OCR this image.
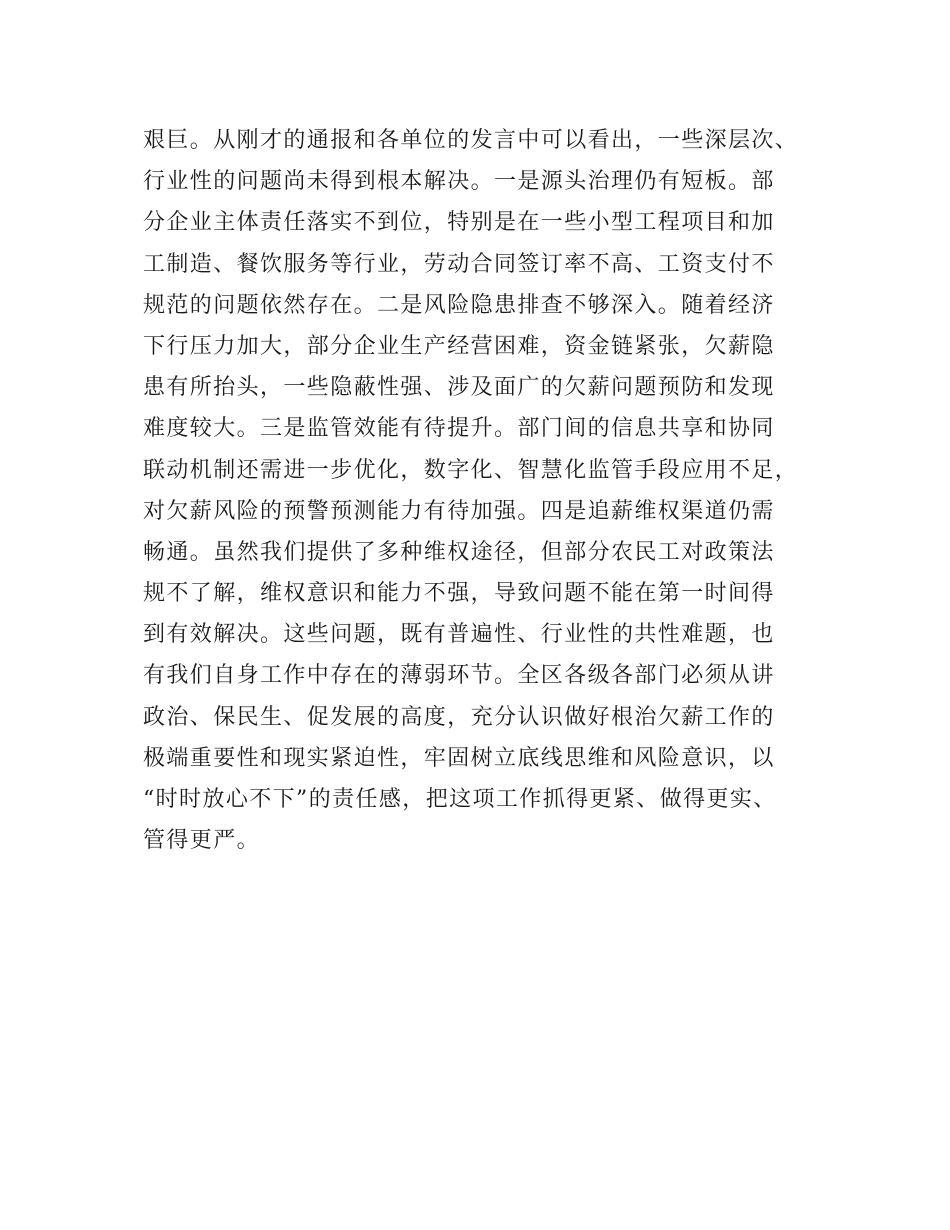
艰巨。从刚才的通报和各单位的发言中可以看出，一些深层次、
行业性的问题尚未得到根本解决。一是源头治理仍有短板。部
分企业主体责任落实不到位，特别是在一些小型工程项目和加
工制造、餐饮服务等行业，劳动合同签订率不高、工资支付不
规范的问题依然存在。二是风险隐患排查不够深入。随着经济
下行压力加大，部分企业生产经营困难，资金链紧张，欠薪隐
患有所抬头，一些隐蔽性强、涉及面广的欠薪问题预防和发现
难度较大。三是监管效能有待提升。部门间的信息共享和协同
联动机制还需进一步优化，数字化、智慧化监管手段应用不足，
对欠薪风险的预警预测能力有待加强。四是追薪维权渠道仍需
畅通。虽然我们提供了多种维权途径，但部分农民工对政策法
规不了解，维权意识和能力不强，导致问题不能在第一时间得
到有效解决。这些问题，既有普遍性、行业性的共性难题，也
有我们自身工作中存在的薄弱环节。全区各级各部门必须从讲
政治、保民生、促发展的高度，充分认识做好根治欠薪工作的
极端重要性和现实紧迫性，牢固树立底线思维和风险意识，以
“时时放心不下”的责任感，把这项工作抓得更紧、做得更实、
管得更严。
